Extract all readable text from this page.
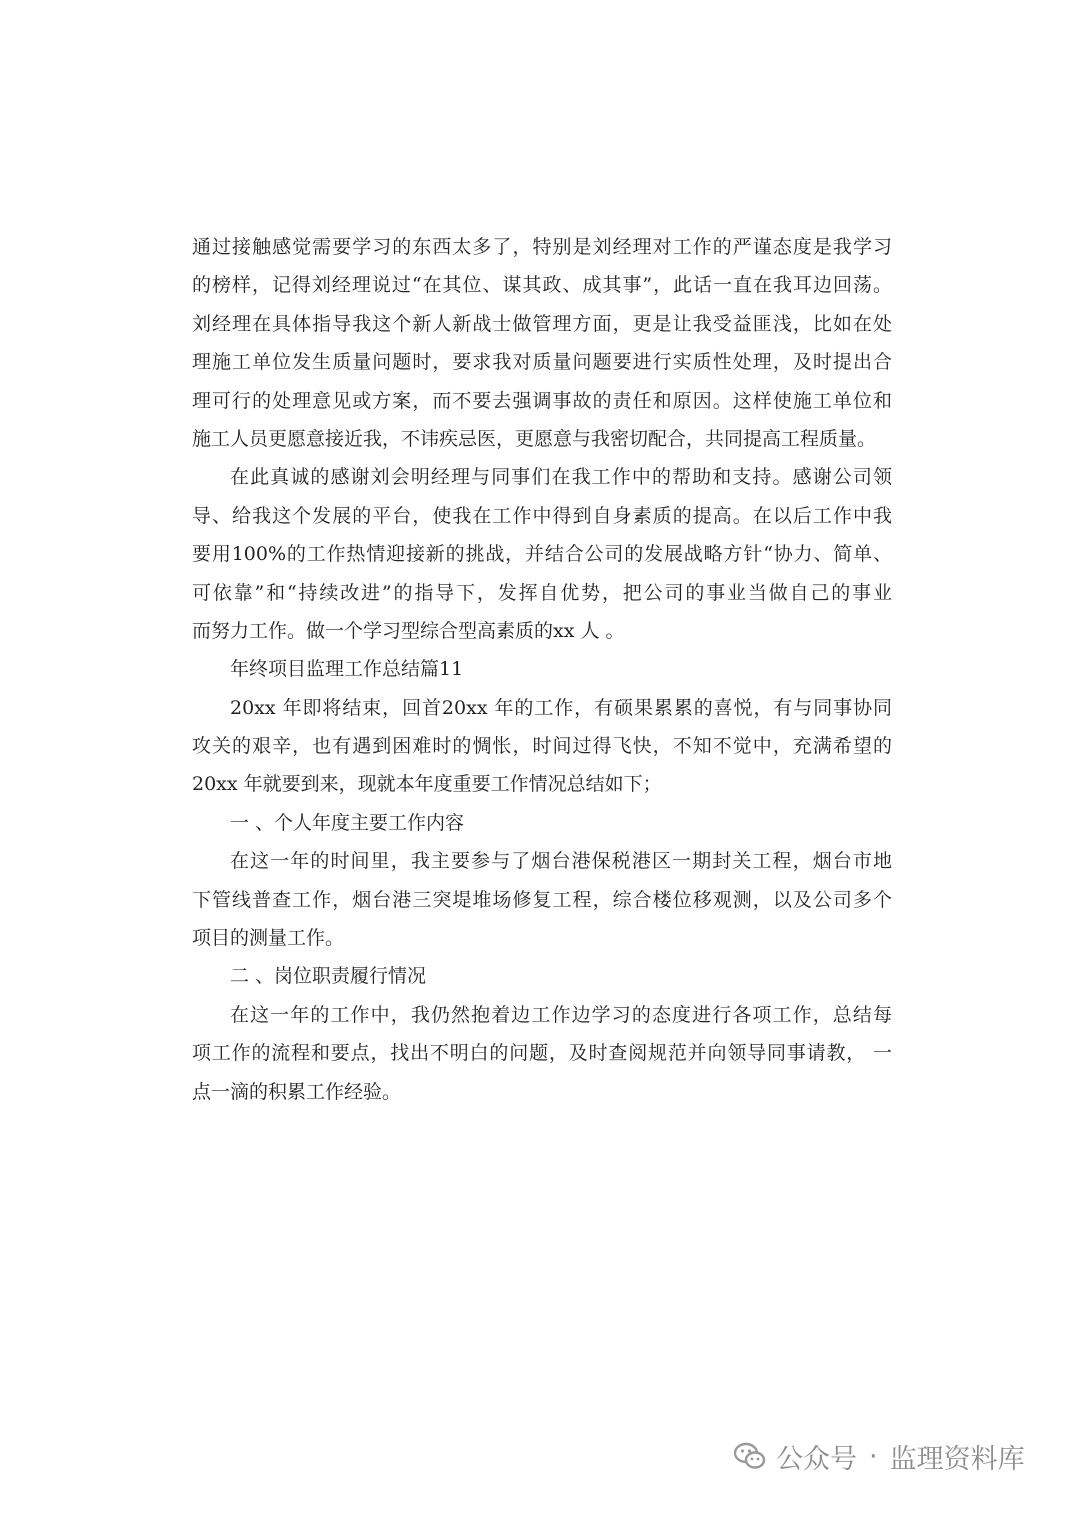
通过接触感觉需要学习的东西太多了，特别是刘经理对工作的严谨态度是我学习
的榜样，记得刘经理说过“在其位、谋其政、成其事”，此话一直在我耳边回荡。
刘经理在具体指导我这个新人新战士做管理方面，更是让我受益匪浅，比如在处
理施工单位发生质量问题时，要求我对质量问题要进行实质性处理，及时提出合
理可行的处理意见或方案，而不要去强调事故的责任和原因。这样使施工单位和
施工人员更愿意接近我，不讳疾忌医，更愿意与我密切配合，共同提高工程质量。
在此真诚的感谢刘会明经理与同事们在我工作中的帮助和支持。感谢公司领
导、给我这个发展的平台，使我在工作中得到自身素质的提高。在以后工作中我
要用100%的工作热情迎接新的挑战，并结合公司的发展战略方针“协力、简单、
可依靠”和“持续改进”的指导下，发挥自优势，把公司的事业当做自己的事业
而努力工作。做一个学习型综合型高素质的xx 人 。
年终项目监理工作总结篇11
20xx 年即将结束，回首20xx 年的工作，有硕果累累的喜悦，有与同事协同
攻关的艰辛，也有遇到困难时的惆怅，时间过得飞快，不知不觉中，充满希望的
20xx 年就要到来，现就本年度重要工作情况总结如下；
一 、个人年度主要工作内容
在这一年的时间里，我主要参与了烟台港保税港区一期封关工程，烟台市地
下管线普查工作，烟台港三突堤堆场修复工程，综合楼位移观测，以及公司多个
项目的测量工作。
二 、岗位职责履行情况
在这一年的工作中，我仍然抱着边工作边学习的态度进行各项工作，总结每
项工作的流程和要点，找出不明白的问题，及时查阅规范并向领导同事请教， 一
点一滴的积累工作经验。
公众号 · 监理资料库
